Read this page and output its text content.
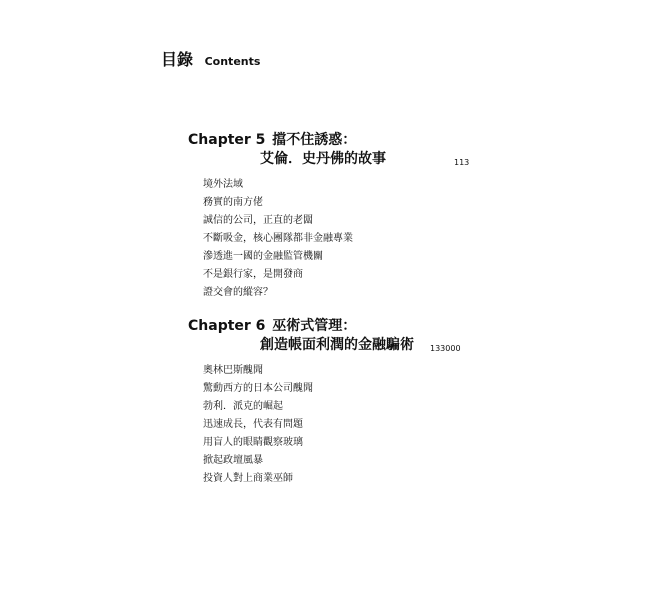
目錄 Contents
Chapter 5 擋不住誘惑：
艾倫．史丹佛的故事	113
境外法域
務實的南方佬
誠信的公司，正直的老闆
不斷吸金，核心團隊都非金融專業
滲透進一國的金融監管機關
不是銀行家，是開發商
證交會的縱容？
Chapter 6 巫術式管理：
創造帳面利潤的金融騙術 133000
奧林巴斯醜聞
驚動西方的日本公司醜聞
勃利．派克的崛起
迅速成長，代表有問題
用盲人的眼睛觀察玻璃
掀起政壇風暴
投資人對上商業巫師
